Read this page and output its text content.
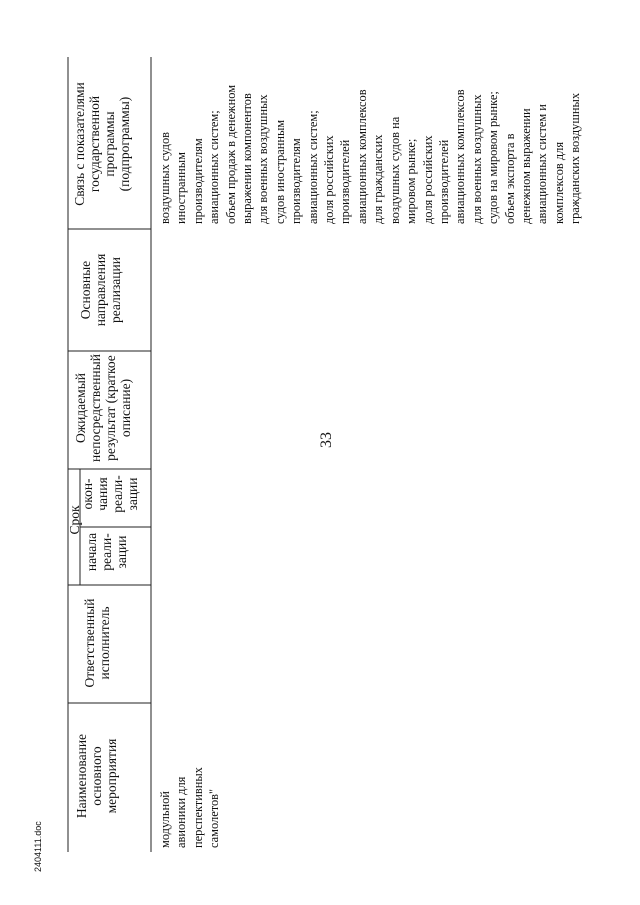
33
Наименование
основного
мероприятия
Ответственный
исполнитель
Срок
начала
реали-
зации
окон-
чания
реали-
зации
Ожидаемый
непосредственный
результат (краткое
описание)
Основные
направления
реализации
Связь с показателями
государственной
программы
(подпрограммы)
модульной
авионики для
перспективных
самолетов"
воздушных судов
иностранным
производителям
авиационных систем;
объем продаж в денежном
выражении компонентов
для военных воздушных
судов иностранным
производителям
авиационных систем;
доля российских
производителей
авиационных комплексов
для гражданских
воздушных судов на
мировом рынке;
доля российских
производителей
авиационных комплексов
для военных воздушных
судов на мировом рынке;
объем экспорта в
денежном выражении
авиационных систем и
комплексов для
гражданских воздушных
2404111.doc
